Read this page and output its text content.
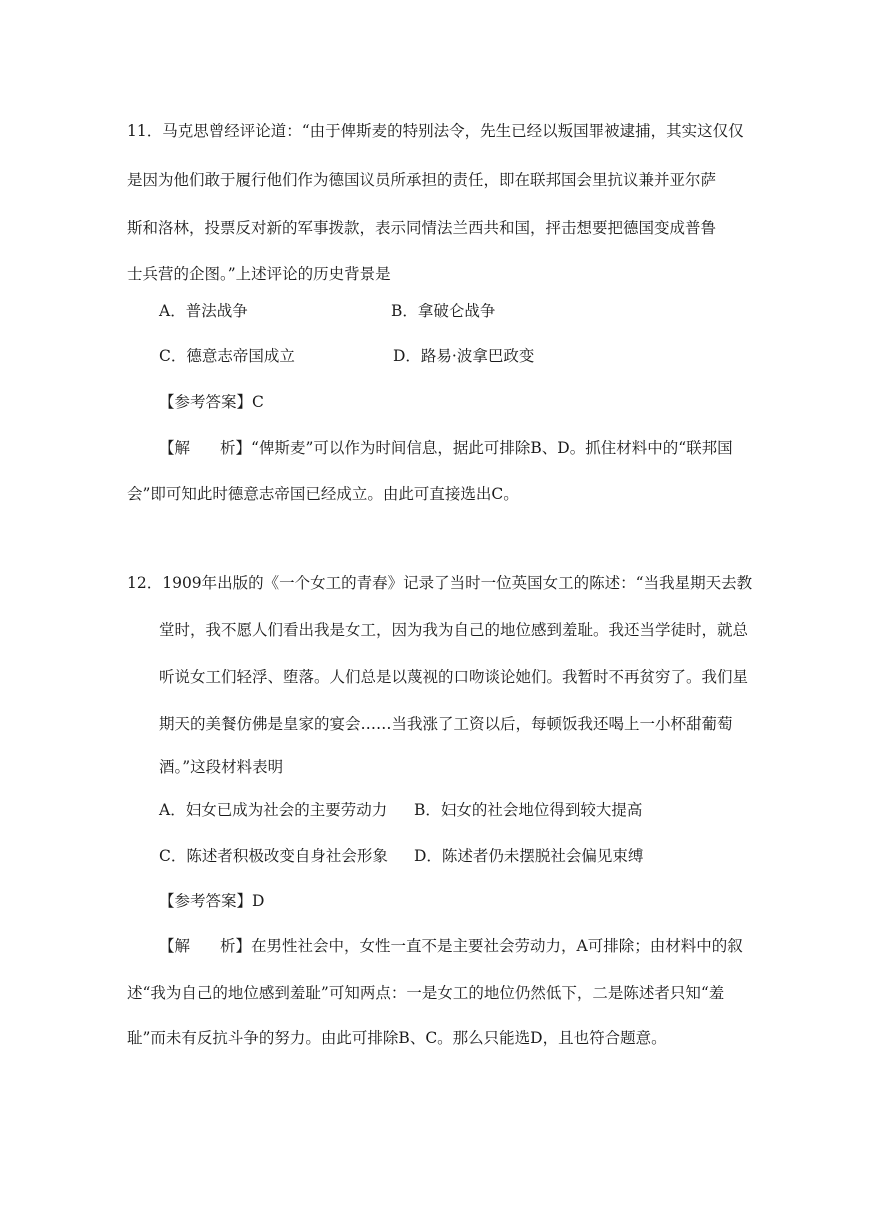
11．马克思曾经评论道：“由于俾斯麦的特别法令，先生已经以叛国罪被逮捕，其实这仅仅
是因为他们敢于履行他们作为德国议员所承担的责任，即在联邦国会里抗议兼并亚尔萨
斯和洛林，投票反对新的军事拨款，表示同情法兰西共和国，抨击想要把德国变成普鲁
士兵营的企图。”上述评论的历史背景是
A．普法战争	B．拿破仑战争
C．德意志帝国成立	D．路易·波拿巴政变
【参考答案】C
【解 析】“俾斯麦”可以作为时间信息，据此可排除B、D。抓住材料中的“联邦国
会”即可知此时德意志帝国已经成立。由此可直接选出C。
12．1909年出版的《一个女工的青春》记录了当时一位英国女工的陈述：“当我星期天去教
堂时，我不愿人们看出我是女工，因为我为自己的地位感到羞耻。我还当学徒时，就总
听说女工们轻浮、堕落。人们总是以蔑视的口吻谈论她们。我暂时不再贫穷了。我们星
期天的美餐仿佛是皇家的宴会……当我涨了工资以后，每顿饭我还喝上一小杯甜葡萄
酒。”这段材料表明
A．妇女已成为社会的主要劳动力 B．妇女的社会地位得到较大提高
C．陈述者积极改变自身社会形象 D．陈述者仍未摆脱社会偏见束缚
【参考答案】D
【解 析】在男性社会中，女性一直不是主要社会劳动力，A可排除；由材料中的叙
述“我为自己的地位感到羞耻”可知两点：一是女工的地位仍然低下，二是陈述者只知“羞
耻”而未有反抗斗争的努力。由此可排除B、C。那么只能选D，且也符合题意。
